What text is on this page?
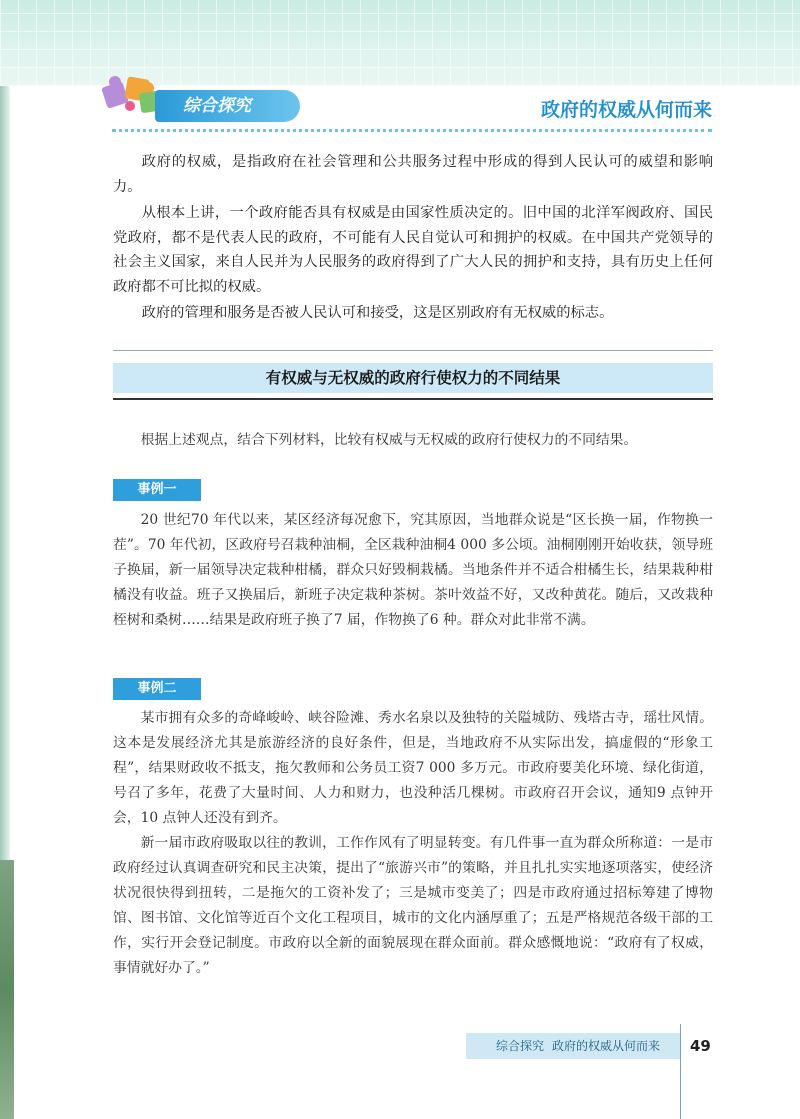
综合探究	政府的权威从何而来

政府的权威，是指政府在社会管理和公共服务过程中形成的得到人民认可的威望和影响力。

从根本上讲，一个政府能否具有权威是由国家性质决定的。旧中国的北洋军阀政府、国民党政府，都不是代表人民的政府，不可能有人民自觉认可和拥护的权威。在中国共产党领导的社会主义国家，来自人民并为人民服务的政府得到了广大人民的拥护和支持，具有历史上任何政府都不可比拟的权威。

政府的管理和服务是否被人民认可和接受，这是区别政府有无权威的标志。

有权威与无权威的政府行使权力的不同结果
根据上述观点，结合下列材料，比较有权威与无权威的政府行使权力的不同结果。
事例一

20 世纪70 年代以来，某区经济每况愈下，究其原因，当地群众说是“区长换一届，作物换一茬”。70 年代初，区政府号召栽种油桐，全区栽种油桐4 000 多公顷。油桐刚刚开始收获，领导班子换届，新一届领导决定栽种柑橘，群众只好毁桐栽橘。当地条件并不适合柑橘生长，结果栽种柑橘没有收益。班子又换届后，新班子决定栽种茶树。茶叶效益不好，又改种黄花。随后，又改栽种桎树和桑树……结果是政府班子换了7 届，作物换了6 种。群众对此非常不满。

事例二

某市拥有众多的奇峰峻岭、峡谷险滩、秀水名泉以及独特的关隘城防、残塔古寺，瑶壮风情。这本是发展经济尤其是旅游经济的良好条件，但是，当地政府不从实际出发，搞虚假的“形象工程”，结果财政收不抵支，拖欠教师和公务员工资7 000 多万元。市政府要美化环境、绿化街道，号召了多年，花费了大量时间、人力和财力，也没种活几棵树。市政府召开会议，通知9 点钟开会，10 点钟人还没有到齐。

新一届市政府吸取以往的教训，工作作风有了明显转变。有几件事一直为群众所称道：一是市政府经过认真调查研究和民主决策，提出了“旅游兴市”的策略，并且扎扎实实地逐项落实，使经济状况很快得到扭转，二是拖欠的工资补发了；三是城市变美了；四是市政府通过招标筹建了博物馆、图书馆、文化馆等近百个文化工程项目，城市的文化内涵厚重了；五是严格规范各级干部的工作，实行开会登记制度。市政府以全新的面貌展现在群众面前。群众感慨地说：“政府有了权威，事情就好办了。”

综合探究 政府的权威从何而来	49
